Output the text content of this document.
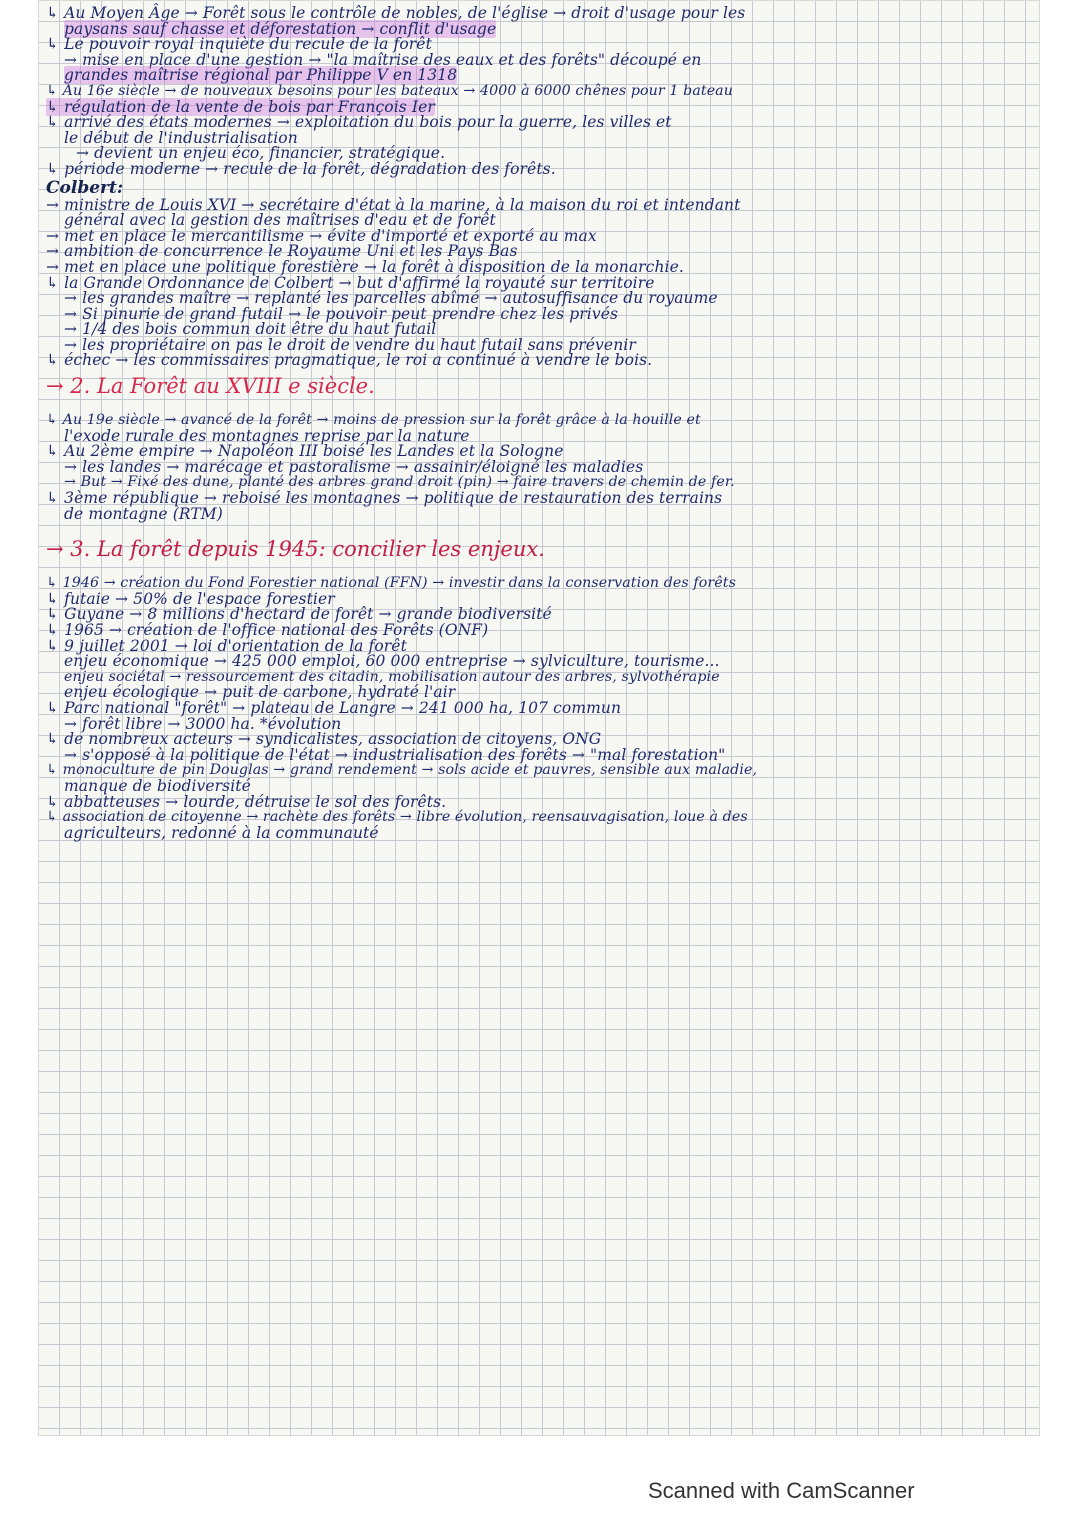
↳ Au Moyen Âge → Forêt sous le contrôle de nobles, de l'église → droit d'usage pour les
paysans sauf chasse et déforestation → conflit d'usage
↳ Le pouvoir royal inquiète du recule de la forêt
→ mise en place d'une gestion → "la maîtrise des eaux et des forêts" découpé en
grandes maîtrise régional par Philippe V en 1318
↳ Au 16e siècle → de nouveaux besoins pour les bateaux → 4000 à 6000 chênes pour 1 bateau
↳ régulation de la vente de bois par François Ier
↳ arrivé des états modernes → exploitation du bois pour la guerre, les villes et
le début de l'industrialisation
→ devient un enjeu éco, financier, stratégique.
↳ période moderne → recule de la forêt, dégradation des forêts.
Colbert:
→ ministre de Louis XVI → secrétaire d'état à la marine, à la maison du roi et intendant
général avec la gestion des maîtrises d'eau et de forêt
→ met en place le mercantilisme → évite d'importé et exporté au max
→ ambition de concurrence le Royaume Uni et les Pays Bas
→ met en place une politique forestière → la forêt à disposition de la monarchie.
↳ la Grande Ordonnance de Colbert → but d'affirmé la royauté sur territoire
→ les grandes maître → replanté les parcelles abîmé → autosuffisance du royaume
→ Si pinurie de grand futail → le pouvoir peut prendre chez les privés
→ 1/4 des bois commun doit être du haut futail
→ les propriétaire on pas le droit de vendre du haut futail sans prévenir
↳ échec → les commissaires pragmatique, le roi a continué à vendre le bois.
→ 2. La Forêt au XVIII e siècle.
↳ Au 19e siècle → avancé de la forêt → moins de pression sur la forêt grâce à la houille et
l'exode rurale des montagnes reprise par la nature
↳ Au 2ème empire → Napoléon III boisé les Landes et la Sologne
→ les landes → marécage et pastoralisme → assainir/éloigné les maladies
→ But → Fixé des dune, planté des arbres grand droit (pin) → faire travers de chemin de fer.
↳ 3ème république → reboisé les montagnes → politique de restauration des terrains
de montagne (RTM)
→ 3. La forêt depuis 1945: concilier les enjeux.
↳ 1946 → création du Fond Forestier national (FFN) → investir dans la conservation des forêts
↳ futaie → 50% de l'espace forestier
↳ Guyane → 8 millions d'hectard de forêt → grande biodiversité
↳ 1965 → création de l'office national des Forêts (ONF)
↳ 9 juillet 2001 → loi d'orientation de la forêt
enjeu économique → 425 000 emploi, 60 000 entreprise → sylviculture, tourisme...
enjeu sociétal → ressourcement des citadin, mobilisation autour des arbres, sylvothérapie
enjeu écologique → puit de carbone, hydraté l'air
↳ Parc national "forêt" → plateau de Langre → 241 000 ha, 107 commun
→ forêt libre → 3000 ha. *évolution
↳ de nombreux acteurs → syndicalistes, association de citoyens, ONG
→ s'opposé à la politique de l'état → industrialisation des forêts → "mal forestation"
↳ monoculture de pin Douglas → grand rendement → sols acide et pauvres, sensible aux maladie,
manque de biodiversité
↳ abbatteuses → lourde, détruise le sol des forêts.
↳ association de citoyenne → rachète des forêts → libre évolution, reensauvagisation, loue à des
agriculteurs, redonné à la communauté
Scanned with CamScanner
